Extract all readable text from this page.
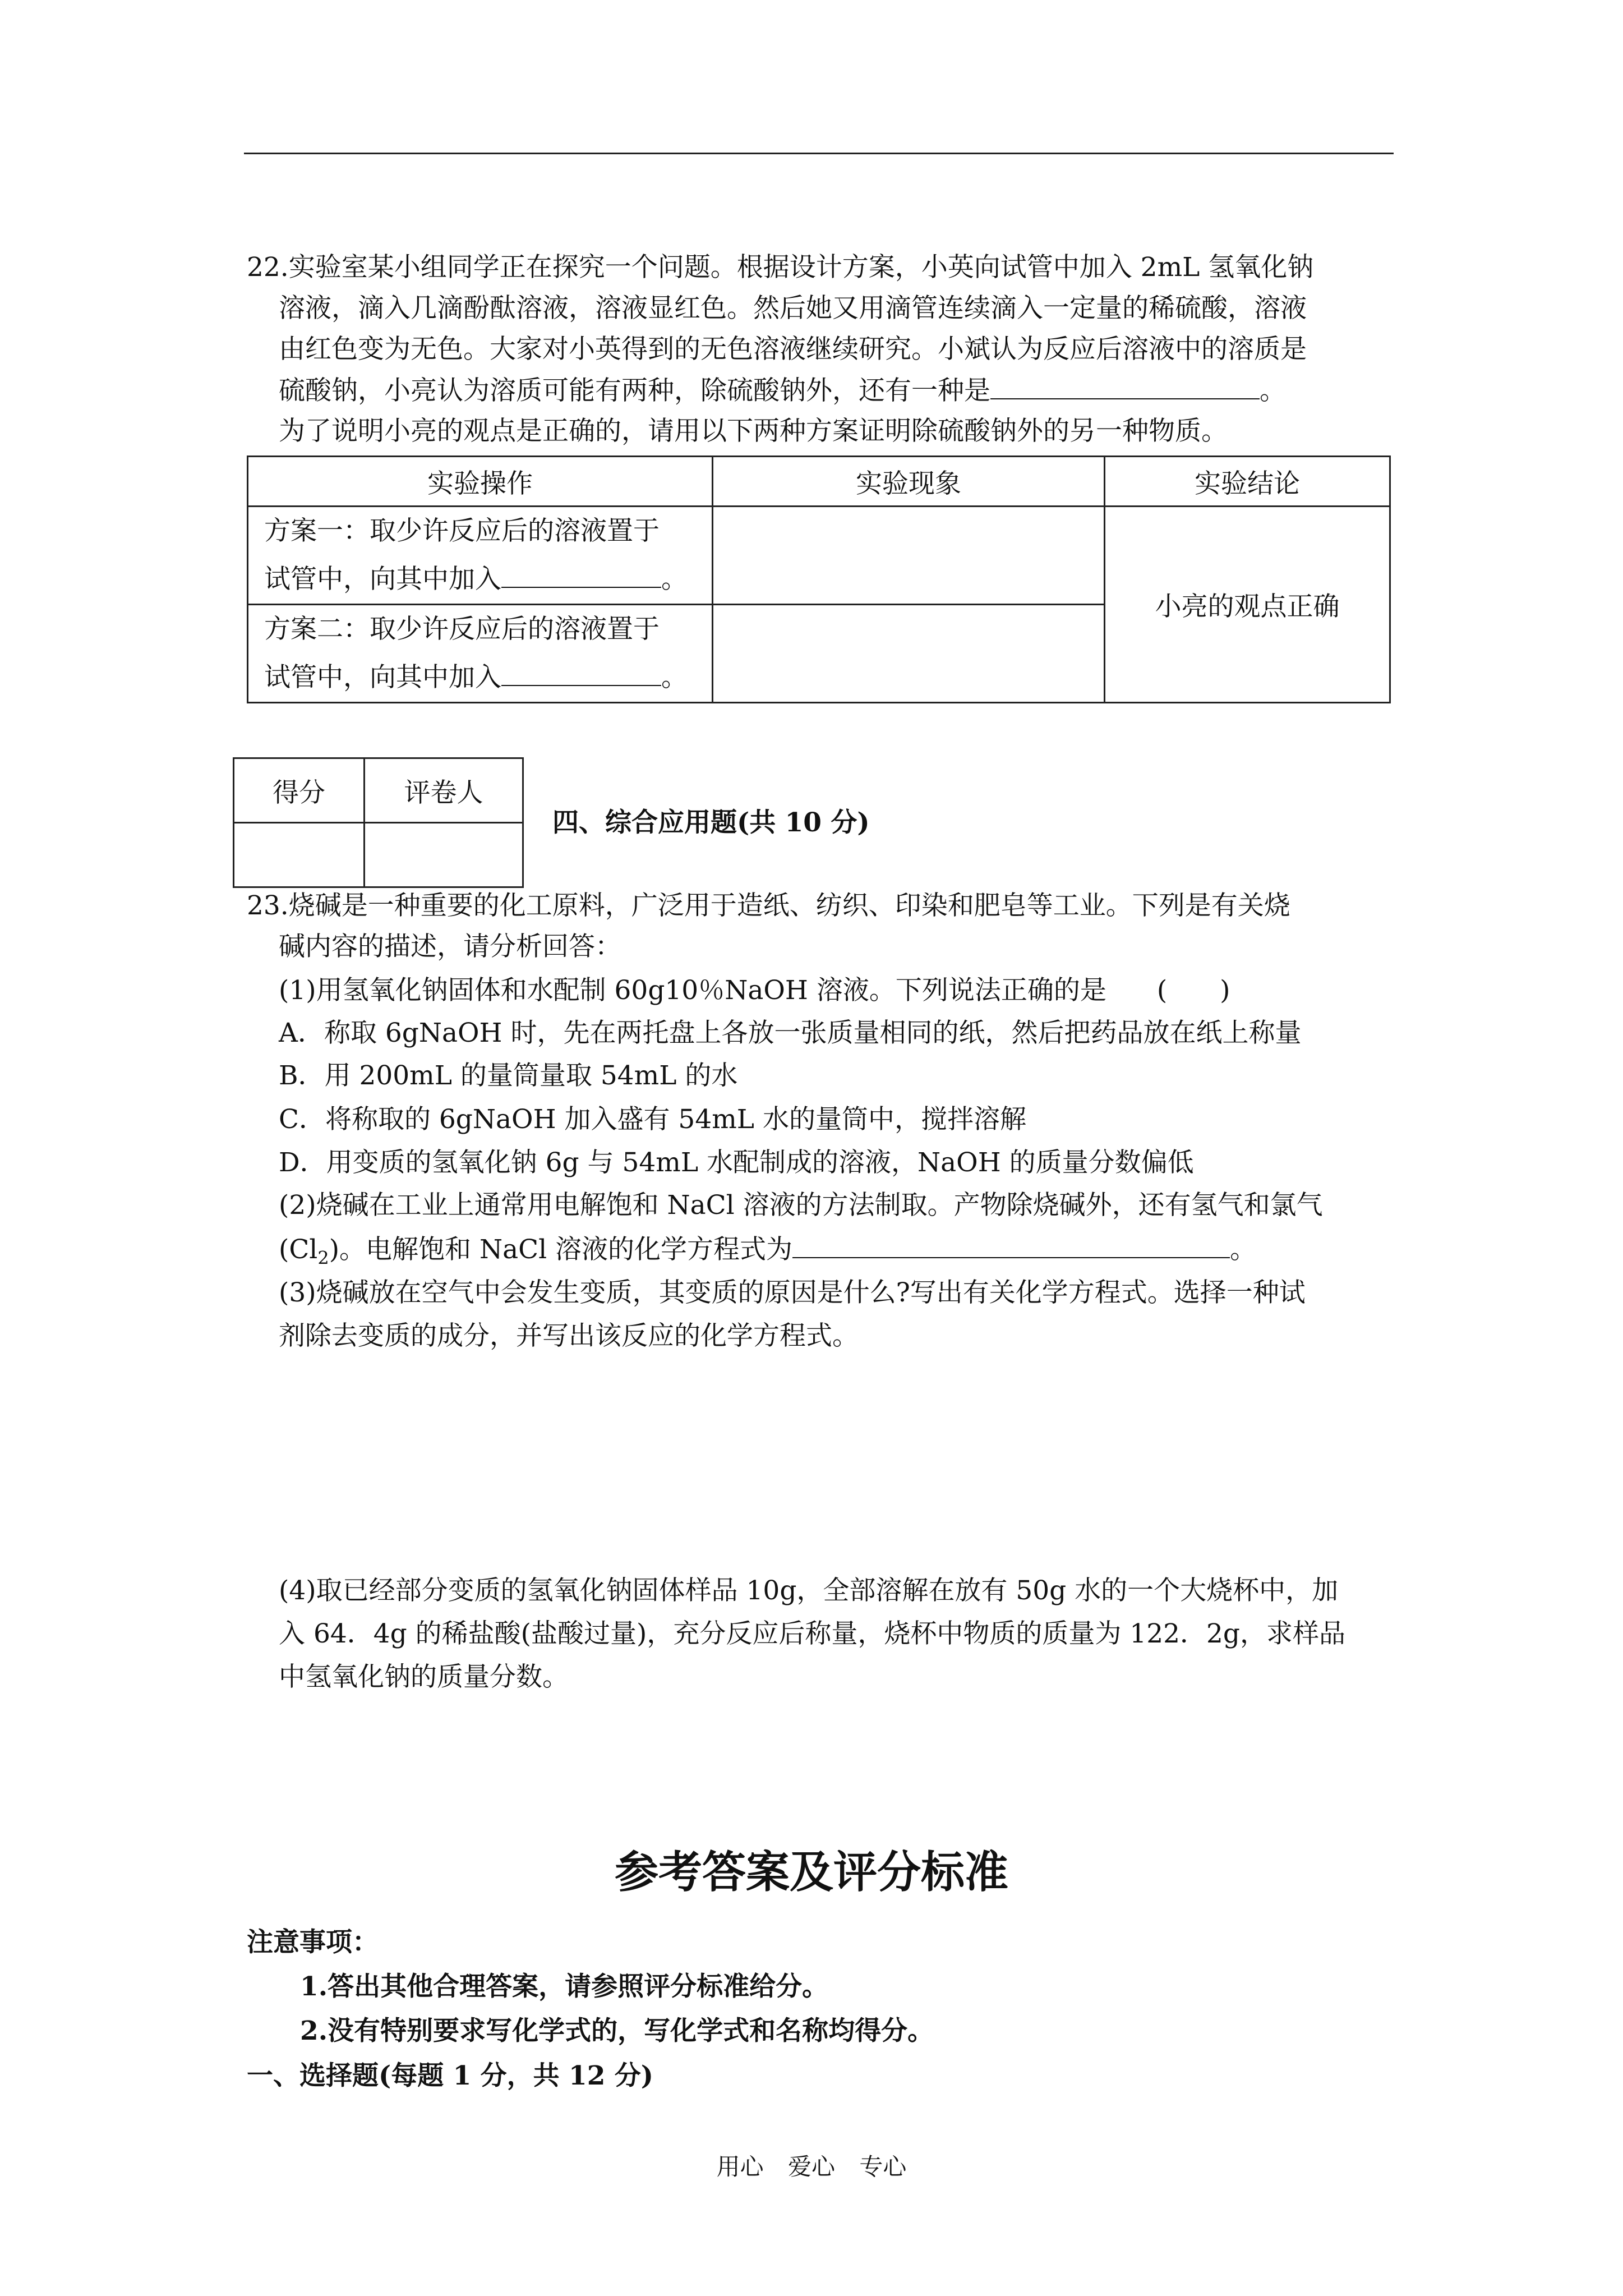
22.实验室某小组同学正在探究一个问题。根据设计方案，小英向试管中加入 2mL 氢氧化钠
溶液，滴入几滴酚酞溶液，溶液显红色。然后她又用滴管连续滴入一定量的稀硫酸，溶液
由红色变为无色。大家对小英得到的无色溶液继续研究。小斌认为反应后溶液中的溶质是
硫酸钠，小亮认为溶质可能有两种，除硫酸钠外，还有一种是	。
为了说明小亮的观点是正确的，请用以下两种方案证明除硫酸钠外的另一种物质。
实验操作	实验现象	实验结论

方案一：取少许反应后的溶液置于
试管中，向其中加入 。		小亮的观点正确

方案二：取少许反应后的溶液置于
试管中，向其中加入 。		

得分	评卷人

四、综合应用题(共 10 分)
23.烧碱是一种重要的化工原料，广泛用于造纸、纺织、印染和肥皂等工业。下列是有关烧
碱内容的描述，请分析回答：
(1)用氢氧化钠固体和水配制 60g10％NaOH 溶液。下列说法正确的是 (　　)
A．称取 6gNaOH 时，先在两托盘上各放一张质量相同的纸，然后把药品放在纸上称量
B．用 200mL 的量筒量取 54mL 的水
C．将称取的 6gNaOH 加入盛有 54mL 水的量筒中，搅拌溶解
D．用变质的氢氧化钠 6g 与 54mL 水配制成的溶液，NaOH 的质量分数偏低
(2)烧碱在工业上通常用电解饱和 NaCl 溶液的方法制取。产物除烧碱外，还有氢气和氯气
$(Cl_2)$。电解饱和 NaCl 溶液的化学方程式为	。
(3)烧碱放在空气中会发生变质，其变质的原因是什么?写出有关化学方程式。选择一种试
剂除去变质的成分，并写出该反应的化学方程式。
(4)取已经部分变质的氢氧化钠固体样品 10g，全部溶解在放有 50g 水的一个大烧杯中，加
入 64．4g 的稀盐酸(盐酸过量)，充分反应后称量，烧杯中物质的质量为 122．2g，求样品
中氢氧化钠的质量分数。
参考答案及评分标准
注意事项：
1.答出其他合理答案，请参照评分标准给分。
2.没有特别要求写化学式的，写化学式和名称均得分。
一、选择题(每题 1 分，共 12 分)
用心 爱心 专心
